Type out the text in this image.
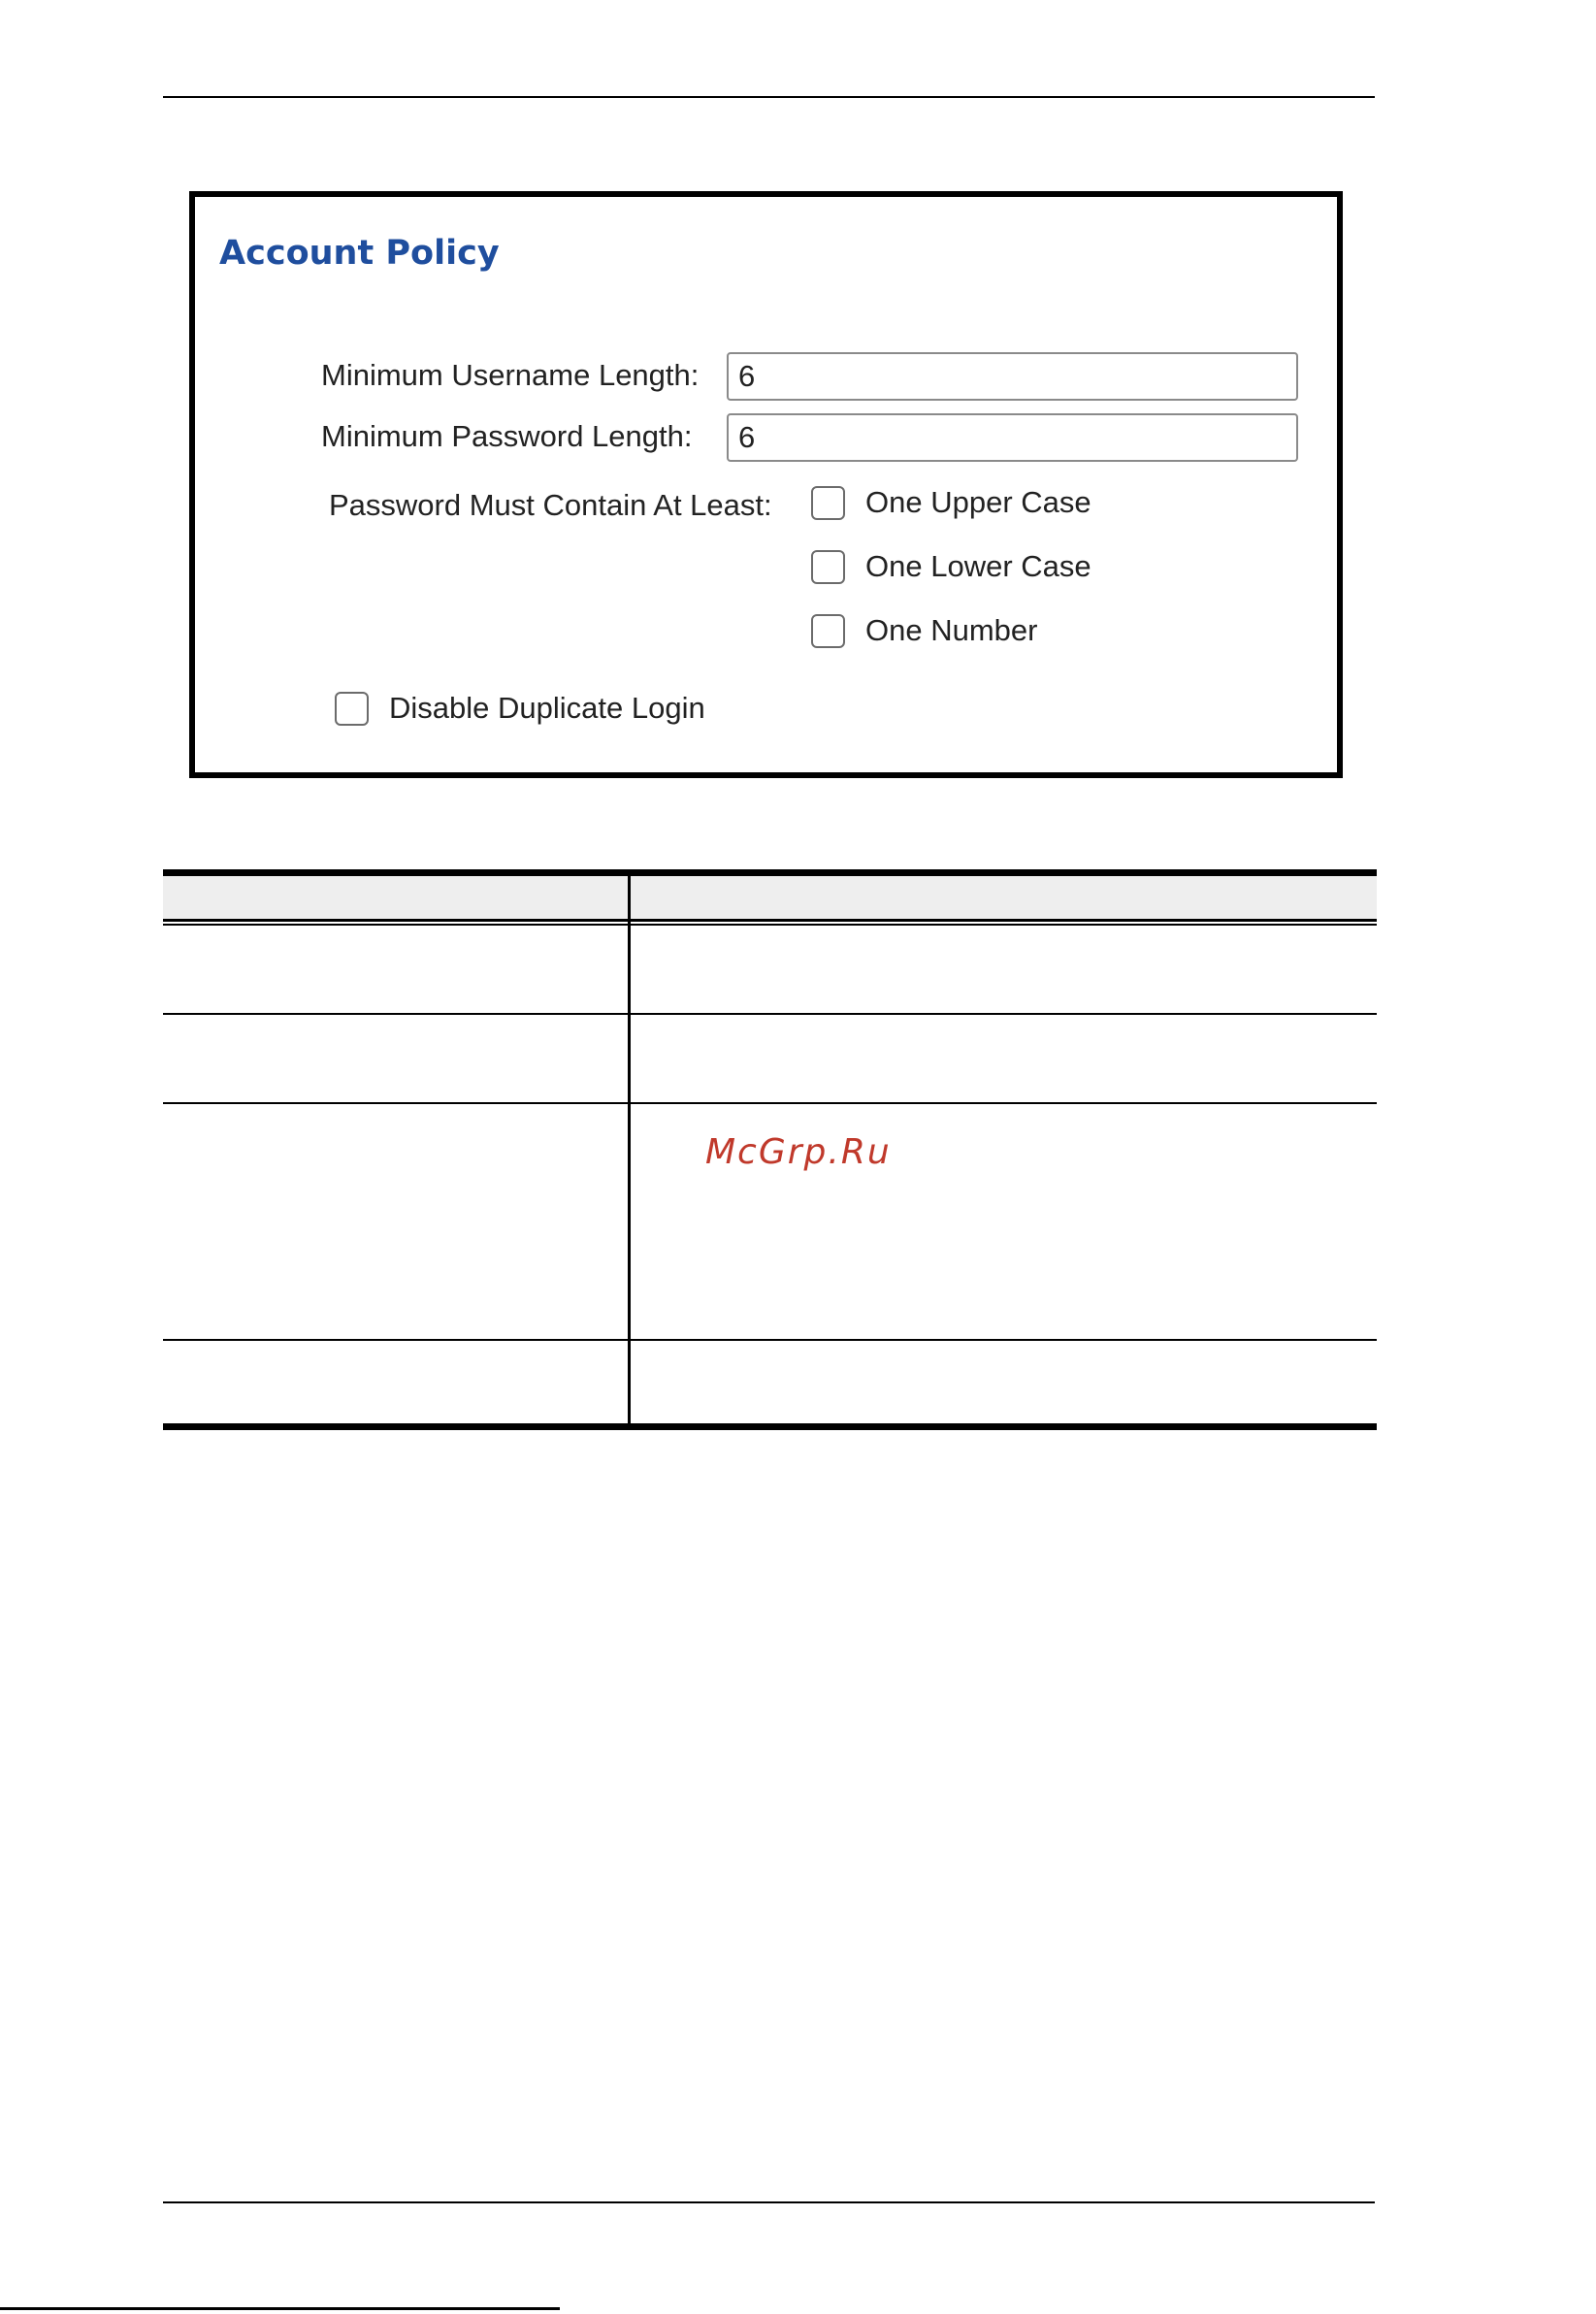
Account Policy
Minimum Username Length:
6
Minimum Password Length:
6
Password Must Contain At Least:	One Upper Case
One Lower Case
One Number
Disable Duplicate Login

McGrp.Ru
